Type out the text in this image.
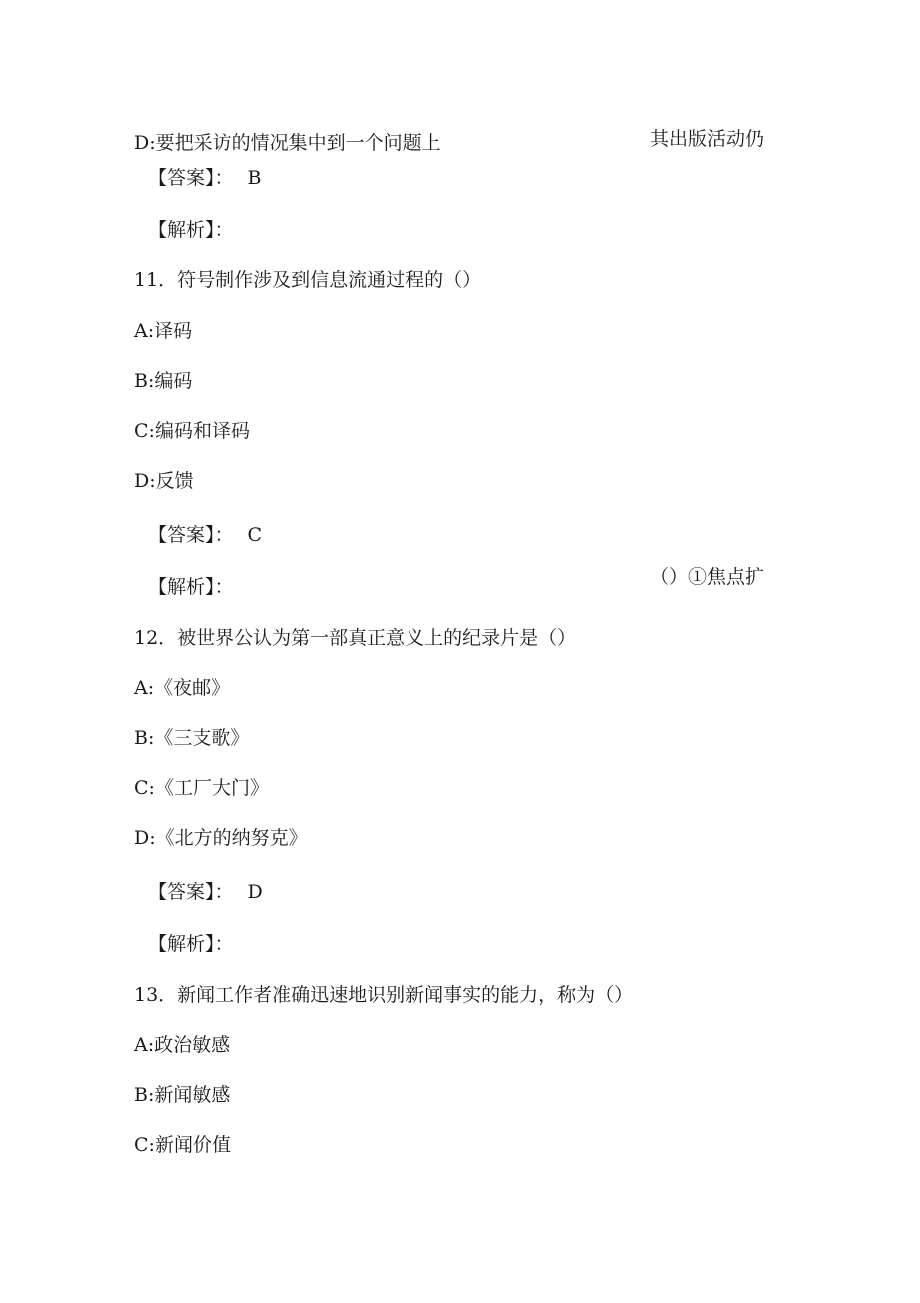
D:要把采访的情况集中到一个问题上	其出版活动仍
【答案】： B
【解析】：
11．符号制作涉及到信息流通过程的（）
A:译码
B:编码
C:编码和译码
D:反馈
【答案】： C
【解析】：	（）①焦点扩
12．被世界公认为第一部真正意义上的纪录片是（）
A:《夜邮》
B:《三支歌》
C:《工厂大门》
D:《北方的纳努克》
【答案】： D
【解析】：
13．新闻工作者准确迅速地识别新闻事实的能力，称为（）
A:政治敏感
B:新闻敏感
C:新闻价值
